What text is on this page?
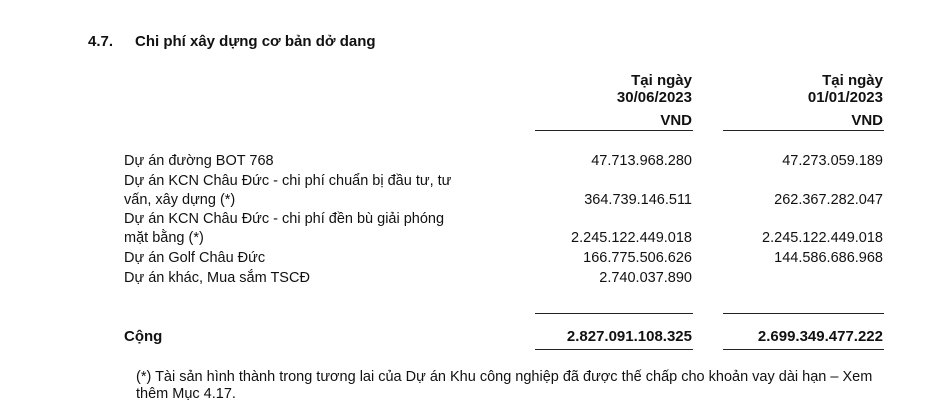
4.7. Chi phí xây dựng cơ bản dở dang
Tại ngày
30/06/2023
VND
Tại ngày
01/01/2023
VND
Dự án đường BOT 768	47.713.968.280	47.273.059.189
Dự án KCN Châu Đức - chi phí chuẩn bị đầu tư, tư
vấn, xây dựng (*)	364.739.146.511	262.367.282.047
Dự án KCN Châu Đức - chi phí đền bù giải phóng
mặt bằng (*)	2.245.122.449.018	2.245.122.449.018
Dự án Golf Châu Đức	166.775.506.626	144.586.686.968
Dự án khác, Mua sắm TSCĐ	2.740.037.890
Cộng	2.827.091.108.325	2.699.349.477.222
(*) Tài sản hình thành trong tương lai của Dự án Khu công nghiệp đã được thế chấp cho khoản vay dài hạn – Xem thêm Mục 4.17.
